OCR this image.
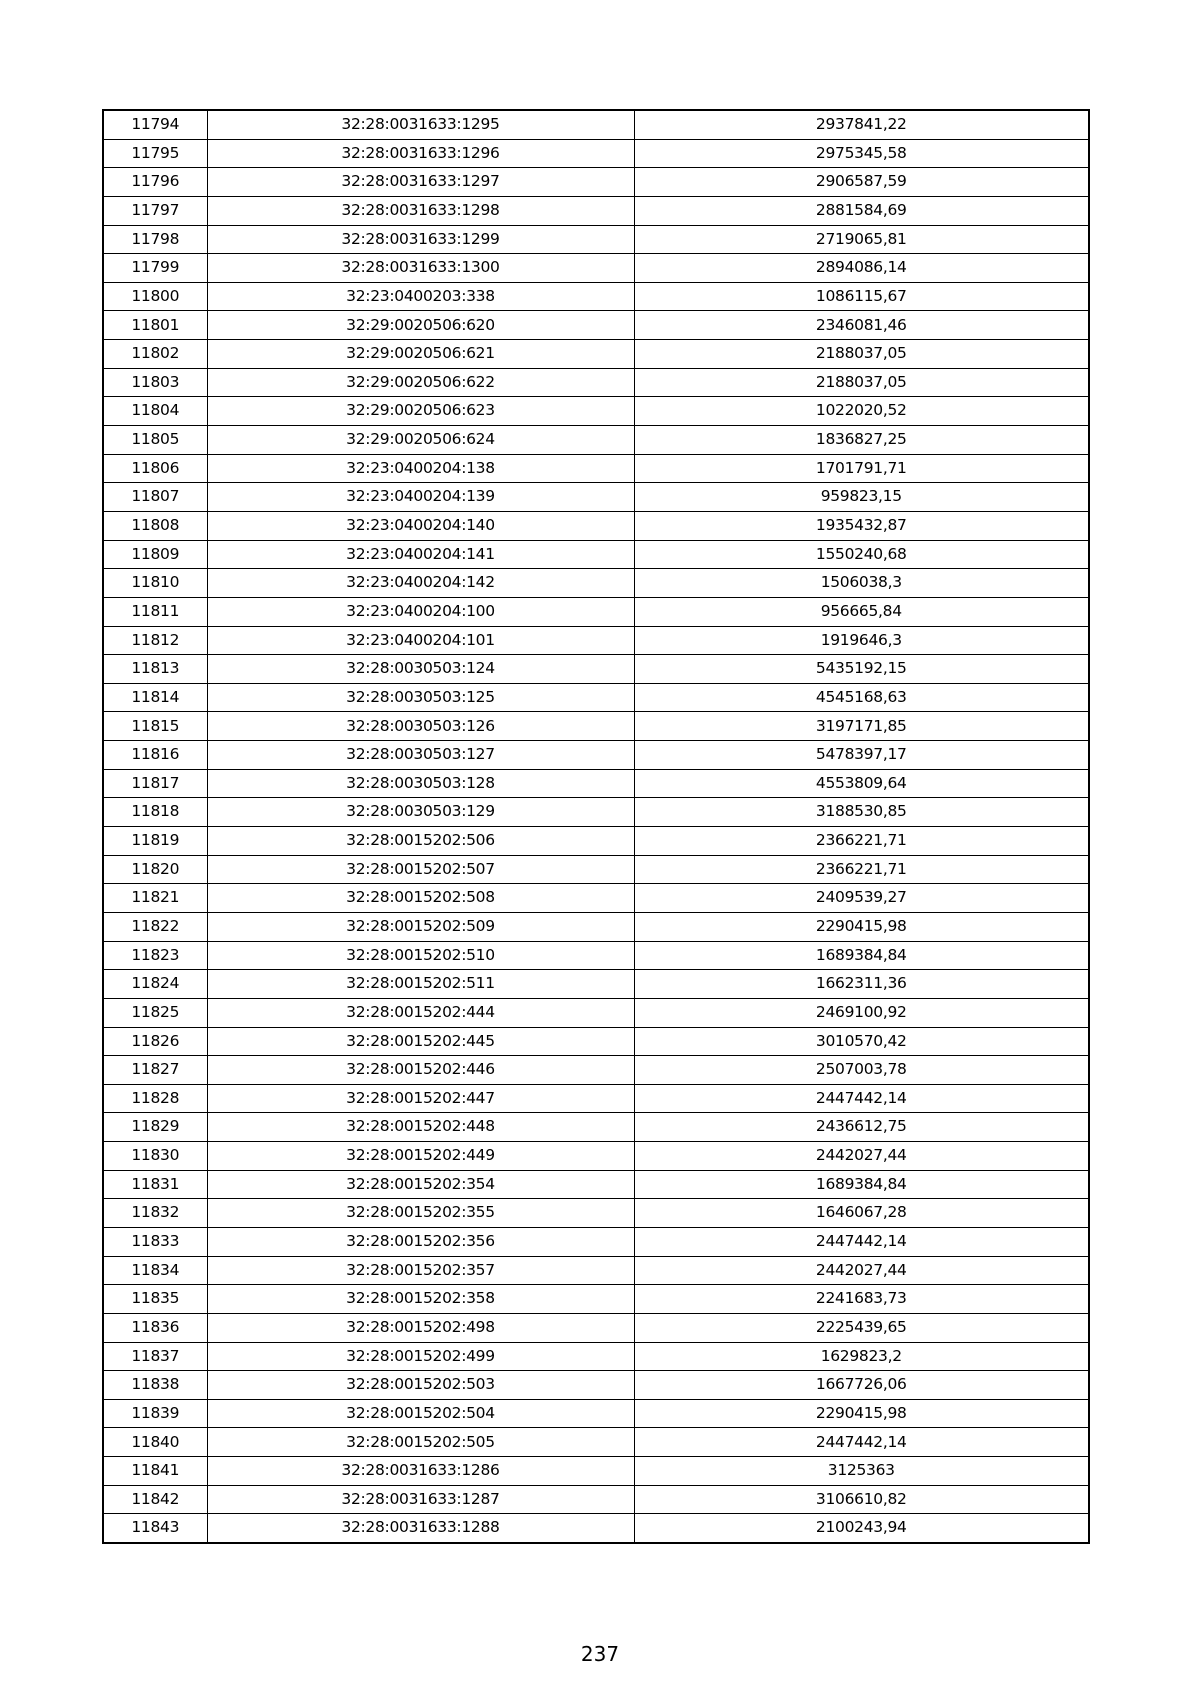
11794	32:28:0031633:1295	2937841,22
11795	32:28:0031633:1296	2975345,58
11796	32:28:0031633:1297	2906587,59
11797	32:28:0031633:1298	2881584,69
11798	32:28:0031633:1299	2719065,81
11799	32:28:0031633:1300	2894086,14
11800	32:23:0400203:338	1086115,67
11801	32:29:0020506:620	2346081,46
11802	32:29:0020506:621	2188037,05
11803	32:29:0020506:622	2188037,05
11804	32:29:0020506:623	1022020,52
11805	32:29:0020506:624	1836827,25
11806	32:23:0400204:138	1701791,71
11807	32:23:0400204:139	959823,15
11808	32:23:0400204:140	1935432,87
11809	32:23:0400204:141	1550240,68
11810	32:23:0400204:142	1506038,3
11811	32:23:0400204:100	956665,84
11812	32:23:0400204:101	1919646,3
11813	32:28:0030503:124	5435192,15
11814	32:28:0030503:125	4545168,63
11815	32:28:0030503:126	3197171,85
11816	32:28:0030503:127	5478397,17
11817	32:28:0030503:128	4553809,64
11818	32:28:0030503:129	3188530,85
11819	32:28:0015202:506	2366221,71
11820	32:28:0015202:507	2366221,71
11821	32:28:0015202:508	2409539,27
11822	32:28:0015202:509	2290415,98
11823	32:28:0015202:510	1689384,84
11824	32:28:0015202:511	1662311,36
11825	32:28:0015202:444	2469100,92
11826	32:28:0015202:445	3010570,42
11827	32:28:0015202:446	2507003,78
11828	32:28:0015202:447	2447442,14
11829	32:28:0015202:448	2436612,75
11830	32:28:0015202:449	2442027,44
11831	32:28:0015202:354	1689384,84
11832	32:28:0015202:355	1646067,28
11833	32:28:0015202:356	2447442,14
11834	32:28:0015202:357	2442027,44
11835	32:28:0015202:358	2241683,73
11836	32:28:0015202:498	2225439,65
11837	32:28:0015202:499	1629823,2
11838	32:28:0015202:503	1667726,06
11839	32:28:0015202:504	2290415,98
11840	32:28:0015202:505	2447442,14
11841	32:28:0031633:1286	3125363
11842	32:28:0031633:1287	3106610,82
11843	32:28:0031633:1288	2100243,94
237
